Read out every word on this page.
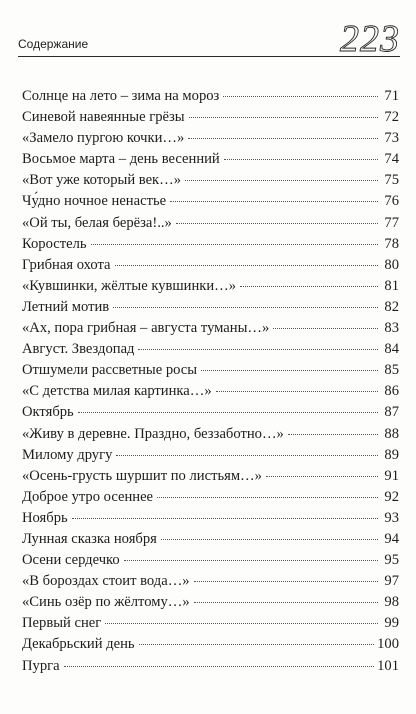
Содержание	223
Солнце на лето – зима на мороз	71
Синевой навеянные грёзы	72
«Замело пургою кочки…»	73
Восьмое марта – день весенний	74
«Вот уже который век…»	75
Чу́дно ночное ненастье	76
«Ой ты, белая берёза!..»	77
Коростель	78
Грибная охота	80
«Кувшинки, жёлтые кувшинки…»	81
Летний мотив	82
«Ах, пора грибная – августа туманы…»	83
Август. Звездопад	84
Отшумели рассветные росы	85
«С детства милая картинка…»	86
Октябрь	87
«Живу в деревне. Праздно, беззаботно…»	88
Милому другу	89
«Осень-грусть шуршит по листьям…»	91
Доброе утро осеннее	92
Ноябрь	93
Лунная сказка ноября	94
Осени сердечко	95
«В бороздах стоит вода…»	97
«Синь озёр по жёлтому…»	98
Первый снег	99
Декабрьский день	100
Пурга	101
